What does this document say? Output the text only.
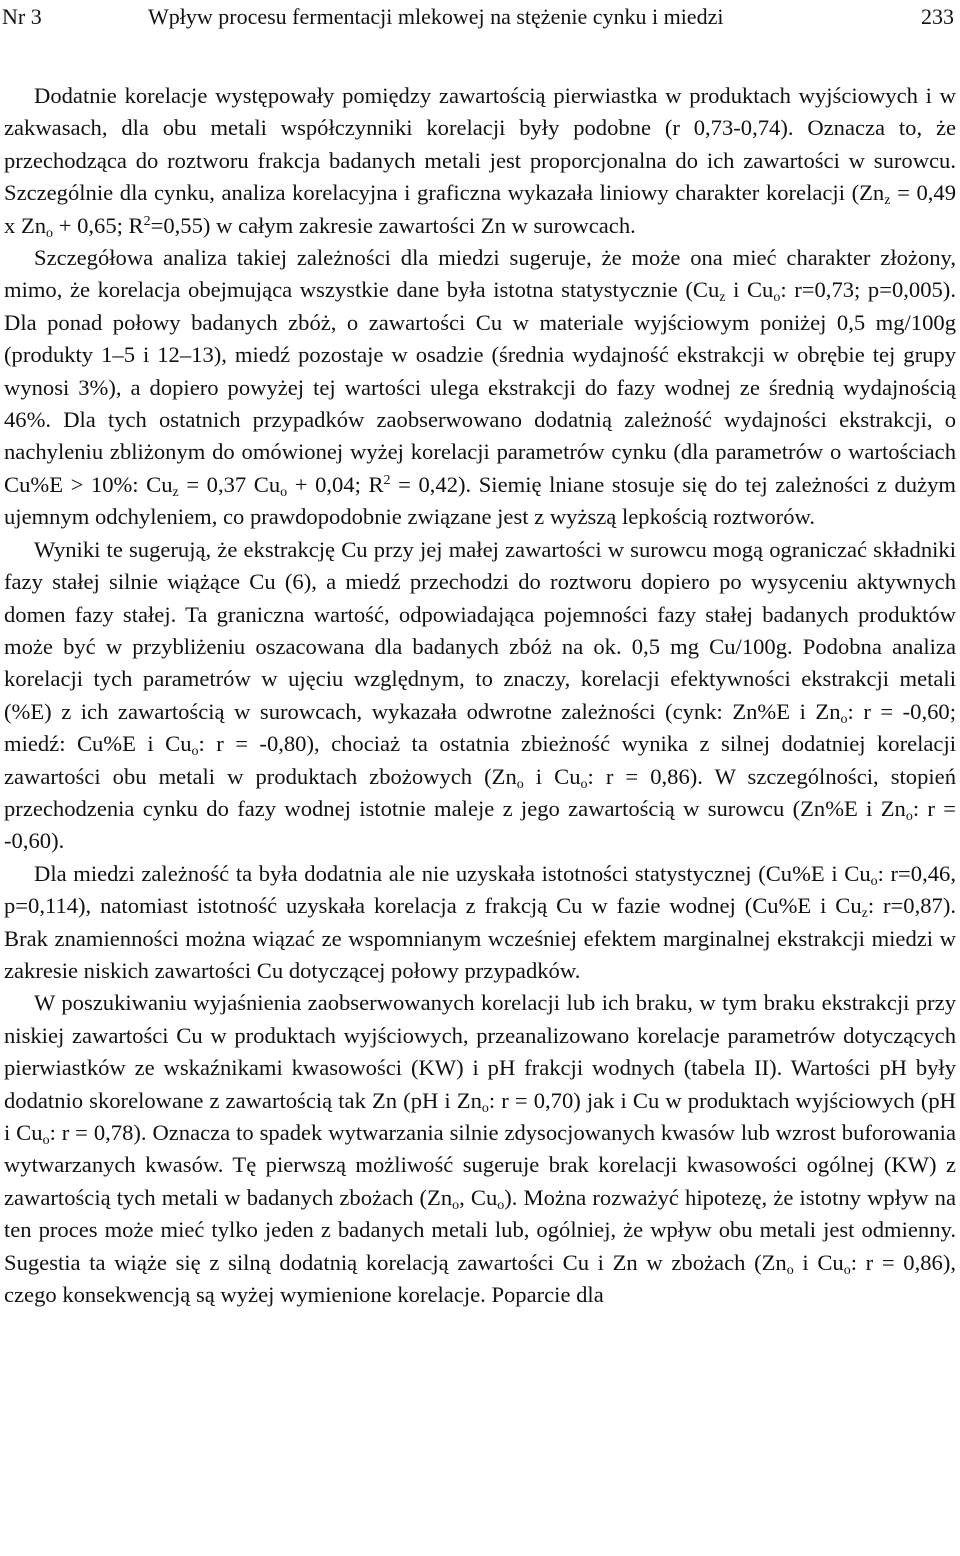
Nr 3	Wpływ procesu fermentacji mlekowej na stężenie cynku i miedzi	233

Dodatnie korelacje występowały pomiędzy zawartością pierwiastka w produktach wyjściowych i w zakwasach, dla obu metali współczynniki korelacji były podobne (r 0,73-0,74). Oznacza to, że przechodząca do roztworu frakcja badanych metali jest proporcjonalna do ich zawartości w surowcu. Szczególnie dla cynku, analiza korelacyjna i graficzna wykazała liniowy charakter korelacji ($Zn_z = 0,49$ x $Zn_o + 0,65$; $R^2=0,55$) w całym zakresie zawartości Zn w surowcach.

Szczegółowa analiza takiej zależności dla miedzi sugeruje, że może ona mieć charakter złożony, mimo, że korelacja obejmująca wszystkie dane była istotna statystycznie ($Cu_z$ i $Cu_o$: r=0,73; p=0,005). Dla ponad połowy badanych zbóż, o zawartości Cu w materiale wyjściowym poniżej 0,5 mg/100g (produkty 1–5 i 12–13), miedź pozostaje w osadzie (średnia wydajność ekstrakcji w obrębie tej grupy wynosi 3%), a dopiero powyżej tej wartości ulega ekstrakcji do fazy wodnej ze średnią wydajnością 46%. Dla tych ostatnich przypadków zaobserwowano dodatnią zależność wydajności ekstrakcji, o nachyleniu zbliżonym do omówionej wyżej korelacji parametrów cynku (dla parametrów o wartościach Cu%E > 10%: $Cu_z = 0,37$ $Cu_o + 0,04$; $R^2 = 0,42$). Siemię lniane stosuje się do tej zależności z dużym ujemnym odchyleniem, co prawdopodobnie związane jest z wyższą lepkością roztworów.

Wyniki te sugerują, że ekstrakcję Cu przy jej małej zawartości w surowcu mogą ograniczać składniki fazy stałej silnie wiążące Cu (6), a miedź przechodzi do roztworu dopiero po wysyceniu aktywnych domen fazy stałej. Ta graniczna wartość, odpowiadająca pojemności fazy stałej badanych produktów może być w przybliżeniu oszacowana dla badanych zbóż na ok. 0,5 mg Cu/100g. Podobna analiza korelacji tych parametrów w ujęciu względnym, to znaczy, korelacji efektywności ekstrakcji metali (%E) z ich zawartością w surowcach, wykazała odwrotne zależności (cynk: Zn%E i $Zn_o$: r = -0,60; miedź: Cu%E i $Cu_o$: r = -0,80), chociaż ta ostatnia zbieżność wynika z silnej dodatniej korelacji zawartości obu metali w produktach zbożowych ($Zn_o$ i $Cu_o$: r = 0,86). W szczególności, stopień przechodzenia cynku do fazy wodnej istotnie maleje z jego zawartością w surowcu (Zn%E i $Zn_o$: r = -0,60).

Dla miedzi zależność ta była dodatnia ale nie uzyskała istotności statystycznej (Cu%E i $Cu_o$: r=0,46, p=0,114), natomiast istotność uzyskała korelacja z frakcją Cu w fazie wodnej (Cu%E i $Cu_z$: r=0,87). Brak znamienności można wiązać ze wspomnianym wcześniej efektem marginalnej ekstrakcji miedzi w zakresie niskich zawartości Cu dotyczącej połowy przypadków.

W poszukiwaniu wyjaśnienia zaobserwowanych korelacji lub ich braku, w tym braku ekstrakcji przy niskiej zawartości Cu w produktach wyjściowych, przeanalizowano korelacje parametrów dotyczących pierwiastków ze wskaźnikami kwasowości (KW) i pH frakcji wodnych (tabela II). Wartości pH były dodatnio skorelowane z zawartością tak Zn (pH i $Zn_o$: r = 0,70) jak i Cu w produktach wyjściowych (pH i $Cu_o$: r = 0,78). Oznacza to spadek wytwarzania silnie zdysocjowanych kwasów lub wzrost buforowania wytwarzanych kwasów. Tę pierwszą możliwość sugeruje brak korelacji kwasowości ogólnej (KW) z zawartością tych metali w badanych zbożach ($Zn_o$, $Cu_o$). Można rozważyć hipotezę, że istotny wpływ na ten proces może mieć tylko jeden z badanych metali lub, ogólniej, że wpływ obu metali jest odmienny. Sugestia ta wiąże się z silną dodatnią korelacją zawartości Cu i Zn w zbożach ($Zn_o$ i $Cu_o$: r = 0,86), czego konsekwencją są wyżej wymienione korelacje. Poparcie dla
